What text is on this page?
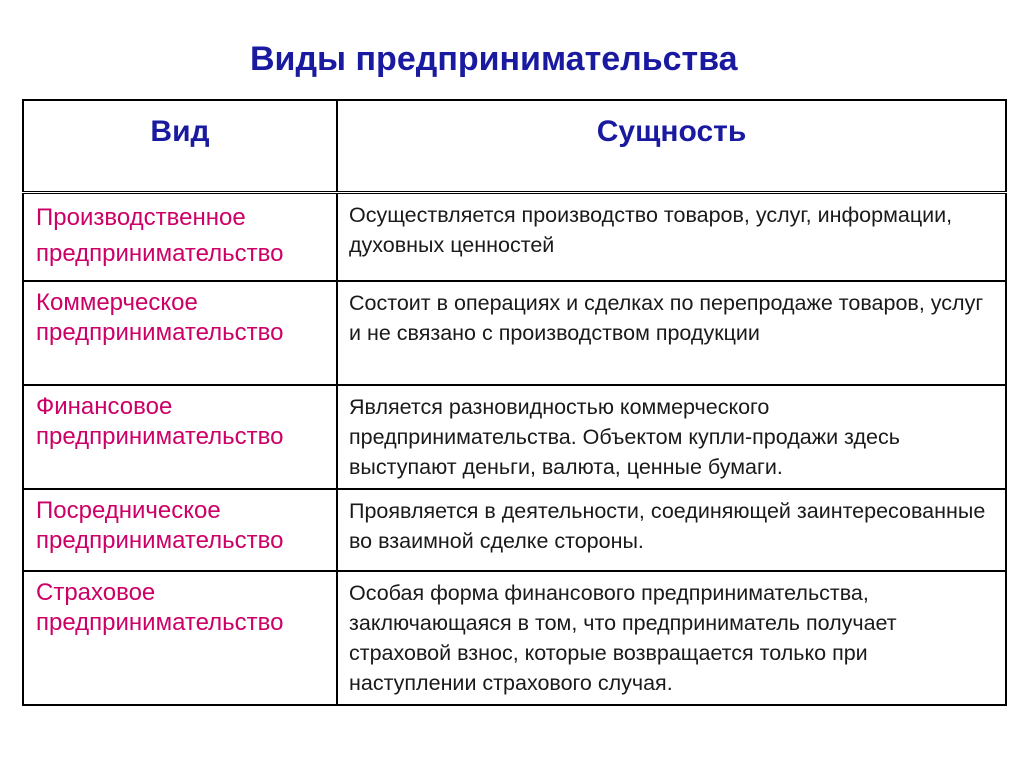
Виды предпринимательства
Вид	Сущность
Производственное предпринимательство	Осуществляется производство товаров, услуг, информации, духовных ценностей
Коммерческое предпринимательство	Состоит в операциях и сделках по перепродаже товаров, услуг и не связано с производством продукции
Финансовое предпринимательство	Является разновидностью коммерческого предпринимательства. Объектом купли-продажи здесь выступают деньги, валюта, ценные бумаги.
Посредническое предпринимательство	Проявляется в деятельности, соединяющей заинтересованные во взаимной сделке стороны.
Страховое предпринимательство	Особая форма финансового предпринимательства, заключающаяся в том, что предприниматель получает страховой взнос, которые возвращается только при наступлении страхового случая.
